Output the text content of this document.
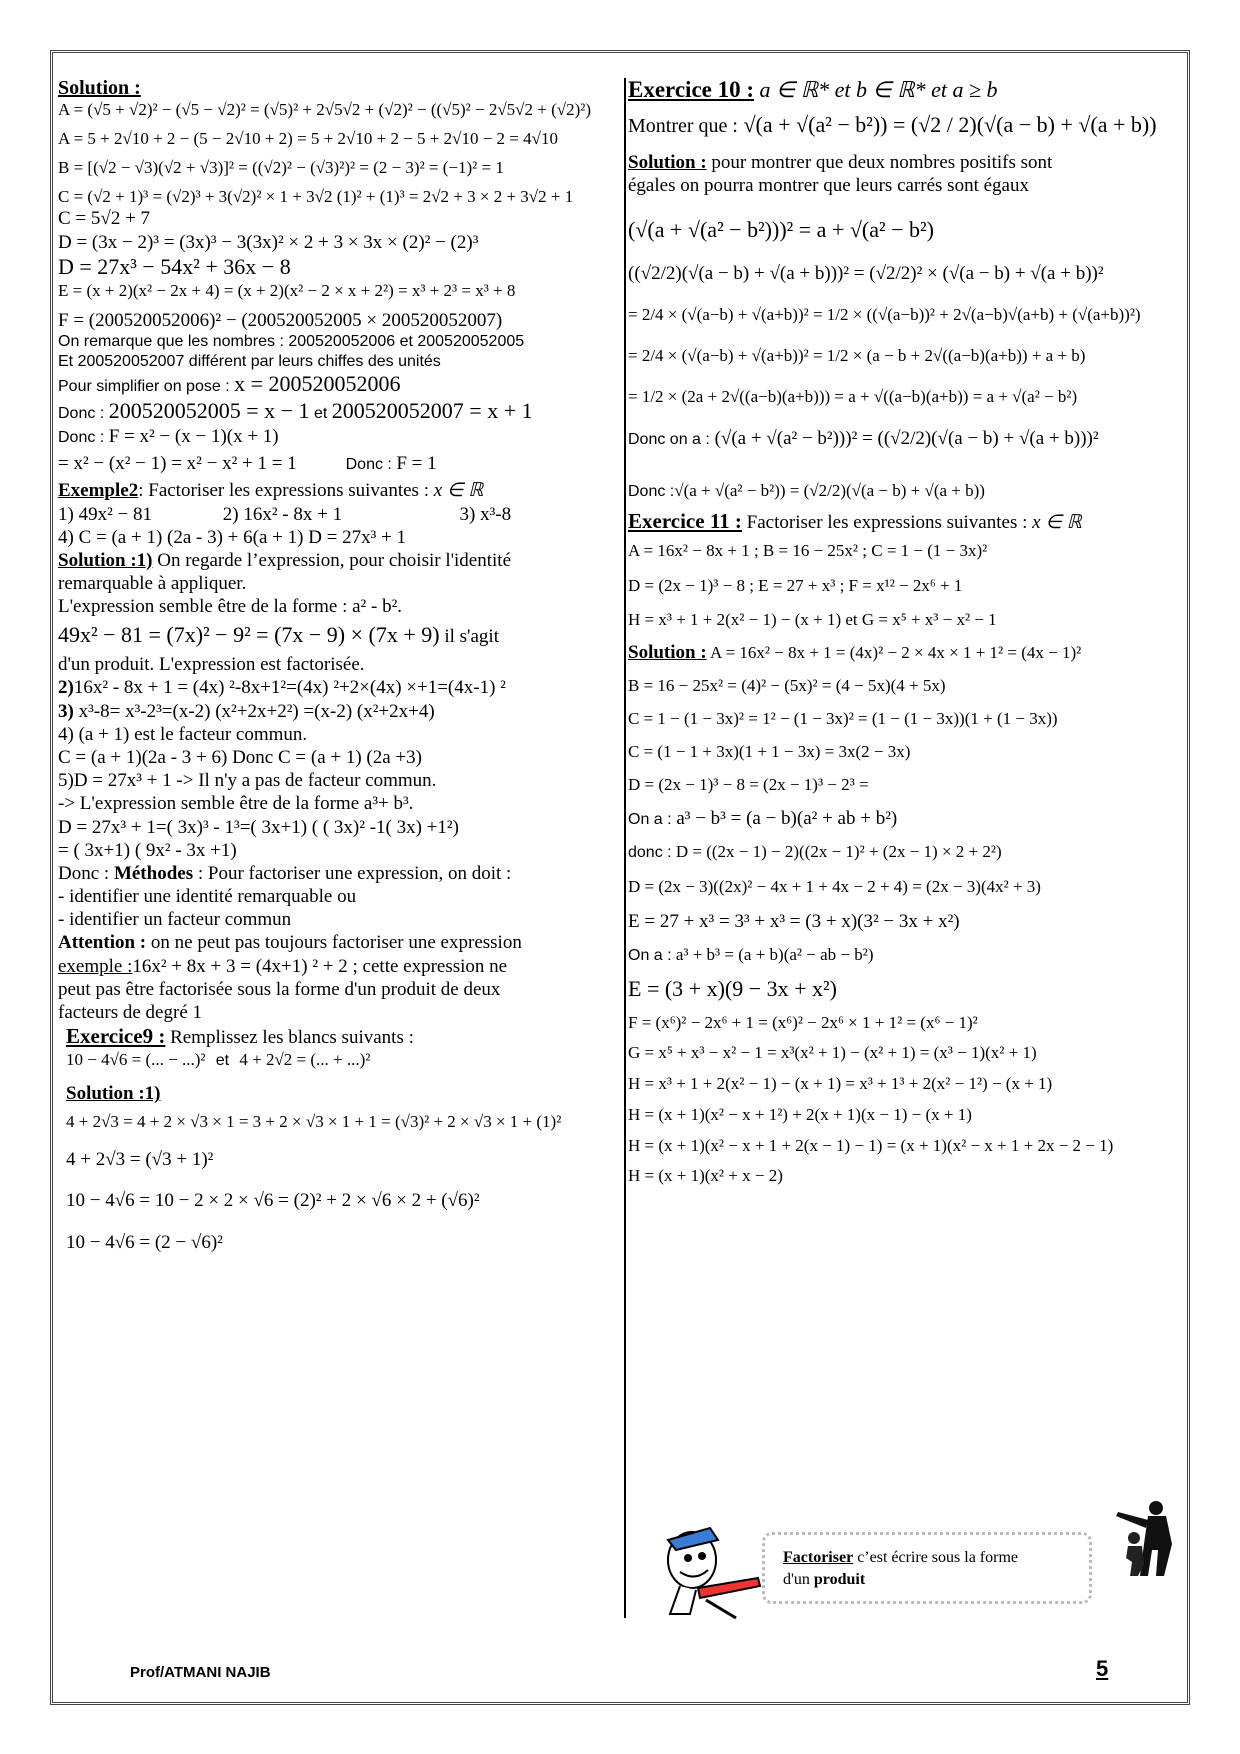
Solution :
A = (√5 + √2)² − (√5 − √2)² = (√5)² + 2√5√2 + (√2)² − ((√5)² − 2√5√2 + (√2)²)
A = 5 + 2√10 + 2 − (5 − 2√10 + 2) = 5 + 2√10 + 2 − 5 + 2√10 − 2 = 4√10
B = [(√2 − √3)(√2 + √3)]² = ((√2)² − (√3)²)² = (2 − 3)² = (−1)² = 1
C = (√2 + 1)³ = (√2)³ + 3(√2)² × 1 + 3√2 (1)² + (1)³ = 2√2 + 3 × 2 + 3√2 + 1
C = 5√2 + 7
D = (3x − 2)³ = (3x)³ − 3(3x)² × 2 + 3 × 3x × (2)² − (2)³
D = 27x³ − 54x² + 36x − 8
E = (x + 2)(x² − 2x + 4) = (x + 2)(x² − 2 × x + 2²) = x³ + 2³ = x³ + 8
F = (200520052006)² − (200520052005 × 200520052007)
On remarque que les nombres : 200520052006 et 200520052005
Et 200520052007 différent par leurs chiffes des unités
Pour simplifier on pose : x = 200520052006
Donc : 200520052005 = x − 1 et 200520052007 = x + 1
Donc : F = x² − (x − 1)(x + 1)
= x² − (x² − 1) = x² − x² + 1 = 1	Donc : F = 1
Exemple2: Factoriser les expressions suivantes : x ∈ ℝ
1) 49x² − 81	2) 16x² - 8x + 1	3) x³-8
4) C = (a + 1) (2a - 3) + 6(a + 1) D = 27x³ + 1
Solution :1) On regarde l’expression, pour choisir l'identité
remarquable à appliquer.
L'expression semble être de la forme : a² - b².
49x² − 81 = (7x)² − 9² = (7x − 9) × (7x + 9) il s'agit
d'un produit. L'expression est factorisée.
2)16x² - 8x + 1 = (4x) ²-8x+1²=(4x) ²+2×(4x) ×+1=(4x-1) ²
3) x³-8= x³-2³=(x-2) (x²+2x+2²) =(x-2) (x²+2x+4)
4) (a + 1) est le facteur commun.
C = (a + 1)(2a - 3 + 6) Donc C = (a + 1) (2a +3)
5)D = 27x³ + 1 -> Il n'y a pas de facteur commun.
-> L'expression semble être de la forme a³+ b³.
D = 27x³ + 1=( 3x)³ - 1³=( 3x+1) ( ( 3x)² -1( 3x) +1²)
= ( 3x+1) ( 9x² - 3x +1)
Donc : Méthodes : Pour factoriser une expression, on doit :
- identifier une identité remarquable ou
- identifier un facteur commun
Attention : on ne peut pas toujours factoriser une expression
exemple :16x² + 8x + 3 = (4x+1) ² + 2 ; cette expression ne
peut pas être factorisée sous la forme d'un produit de deux
facteurs de degré 1
Exercice9 : Remplissez les blancs suivants :
10 − 4√6 = (... − ...)² et 4 + 2√2 = (... + ...)²
Solution :1)
4 + 2√3 = 4 + 2 × √3 × 1 = 3 + 2 × √3 × 1 + 1 = (√3)² + 2 × √3 × 1 + (1)²
4 + 2√3 = (√3 + 1)²
10 − 4√6 = 10 − 2 × 2 × √6 = (2)² + 2 × √6 × 2 + (√6)²
10 − 4√6 = (2 − √6)²
Exercice 10 : a ∈ ℝ* et b ∈ ℝ* et a ≥ b
Montrer que : √(a + √(a² − b²)) = (√2 / 2)(√(a − b) + √(a + b))
Solution : pour montrer que deux nombres positifs sont
égales on pourra montrer que leurs carrés sont égaux
(√(a + √(a² − b²)))² = a + √(a² − b²)
((√2/2)(√(a − b) + √(a + b)))² = (√2/2)² × (√(a − b) + √(a + b))²
= 2/4 × (√(a−b) + √(a+b))² = 1/2 × ((√(a−b))² + 2√(a−b)√(a+b) + (√(a+b))²)
= 2/4 × (√(a−b) + √(a+b))² = 1/2 × (a − b + 2√((a−b)(a+b)) + a + b)
= 1/2 × (2a + 2√((a−b)(a+b))) = a + √((a−b)(a+b)) = a + √(a² − b²)
Donc on a : (√(a + √(a² − b²)))² = ((√2/2)(√(a − b) + √(a + b)))²
Donc :√(a + √(a² − b²)) = (√2/2)(√(a − b) + √(a + b))
Exercice 11 : Factoriser les expressions suivantes : x ∈ ℝ
A = 16x² − 8x + 1 ; B = 16 − 25x² ; C = 1 − (1 − 3x)²
D = (2x − 1)³ − 8 ; E = 27 + x³ ; F = x¹² − 2x⁶ + 1
H = x³ + 1 + 2(x² − 1) − (x + 1) et G = x⁵ + x³ − x² − 1
Solution : A = 16x² − 8x + 1 = (4x)² − 2 × 4x × 1 + 1² = (4x − 1)²
B = 16 − 25x² = (4)² − (5x)² = (4 − 5x)(4 + 5x)
C = 1 − (1 − 3x)² = 1² − (1 − 3x)² = (1 − (1 − 3x))(1 + (1 − 3x))
C = (1 − 1 + 3x)(1 + 1 − 3x) = 3x(2 − 3x)
D = (2x − 1)³ − 8 = (2x − 1)³ − 2³ =
On a : a³ − b³ = (a − b)(a² + ab + b²)
donc : D = ((2x − 1) − 2)((2x − 1)² + (2x − 1) × 2 + 2²)
D = (2x − 3)((2x)² − 4x + 1 + 4x − 2 + 4) = (2x − 3)(4x² + 3)
E = 27 + x³ = 3³ + x³ = (3 + x)(3² − 3x + x²)
On a : a³ + b³ = (a + b)(a² − ab − b²)
E = (3 + x)(9 − 3x + x²)
F = (x⁶)² − 2x⁶ + 1 = (x⁶)² − 2x⁶ × 1 + 1² = (x⁶ − 1)²
G = x⁵ + x³ − x² − 1 = x³(x² + 1) − (x² + 1) = (x³ − 1)(x² + 1)
H = x³ + 1 + 2(x² − 1) − (x + 1) = x³ + 1³ + 2(x² − 1²) − (x + 1)
H = (x + 1)(x² − x + 1²) + 2(x + 1)(x − 1) − (x + 1)
H = (x + 1)(x² − x + 1 + 2(x − 1) − 1) = (x + 1)(x² − x + 1 + 2x − 2 − 1)
H = (x + 1)(x² + x − 2)
Factoriser c’est écrire sous la forme
d'un produit
Prof/ATMANI NAJIB	5
